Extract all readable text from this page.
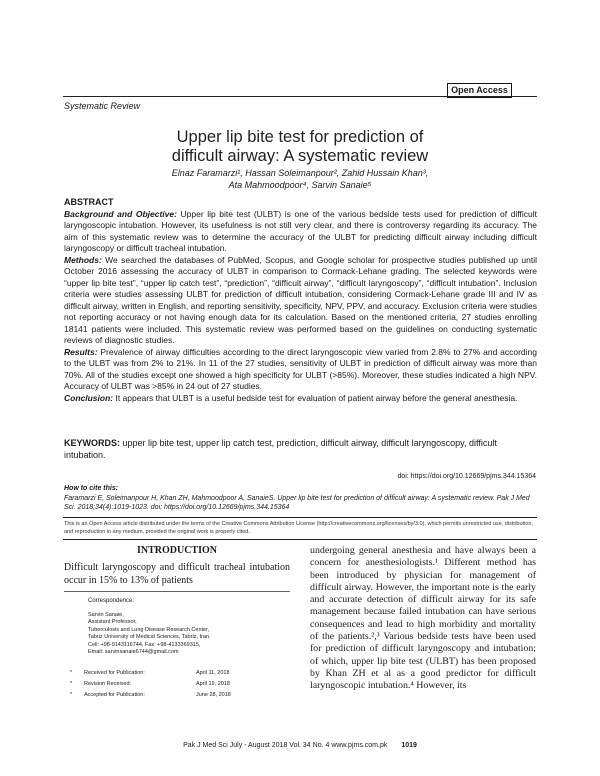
Open Access
Systematic Review
Upper lip bite test for prediction of
difficult airway: A systematic review
Elnaz Faramarzi¹, Hassan Soleimanpour², Zahid Hussain Khan³,
Ata Mahmoodpoor⁴, Sarvin Sanaie⁵
ABSTRACT
Background and Objective: Upper lip bite test (ULBT) is one of the various bedside tests used for prediction of difficult laryngoscopic intubation. However, its usefulness is not still very clear, and there is controversy regarding its accuracy. The aim of this systematic review was to determine the accuracy of the ULBT for predicting difficult airway including difficult laryngoscopy or difficult tracheal intubation.
Methods: We searched the databases of PubMed, Scopus, and Google scholar for prospective studies published up until October 2016 assessing the accuracy of ULBT in comparison to Cormack-Lehane grading. The selected keywords were “upper lip bite test”, “upper lip catch test”, “prediction”, “difficult airway”, “difficult laryngoscopy”, “difficult intubation”. Inclusion criteria were studies assessing ULBT for prediction of difficult intubation, considering Cormack-Lehane grade III and IV as difficult airway, written in English, and reporting sensitivity, specificity, NPV, PPV, and accuracy. Exclusion criteria were studies not reporting accuracy or not having enough data for its calculation. Based on the mentioned criteria, 27 studies enrolling 18141 patients were included. This systematic review was performed based on the guidelines on conducting systematic reviews of diagnostic studies.
Results: Prevalence of airway difficulties according to the direct laryngoscopic view varied from 2.8% to 27% and according to the ULBT was from 2% to 21%. In 11 of the 27 studies, sensitivity of ULBT in prediction of difficult airway was more than 70%. All of the studies except one showed a high specificity for ULBT (>85%). Moreover, these studies indicated a high NPV. Accuracy of ULBT was >85% in 24 out of 27 studies.
Conclusion: It appears that ULBT is a useful bedside test for evaluation of patient airway before the general anesthesia.
KEYWORDS: upper lip bite test, upper lip catch test, prediction, difficult airway, difficult laryngoscopy, difficult intubation.
doi: https://doi.org/10.12669/pjms.344.15364
How to cite this:
Faramarzi E, Soleimanpour H, Khan ZH, Mahmoodpoor A, SanaieS. Upper lip bite test for prediction of difficult airway: A systematic review. Pak J Med Sci. 2018;34(4):1019-1023. doi: https://doi.org/10.12669/pjms.344.15364
This is an Open Access article distributed under the terms of the Creative Commons Attribution License (http://creativecommons.org/licenses/by/3.0), which permits unrestricted use, distribution, and reproduction in any medium, provided the original work is properly cited.
INTRODUCTION
Difficult laryngoscopy and difficult tracheal intubation occur in 15% to 13% of patients
Correspondence:
Sarvin Sanaie,
Assistant Professor,
Tuberculosis and Lung Disease Research Center,
Tabriz University of Medical Sciences, Tabriz, Iran.
Cell: +98-9143116744, Fax: +98-4133369315,
Email: sarvinsanaie6744@gmail.com
* Received for Publication:	April 11, 2018
* Revision Received:	April 19, 2018
* Accepted for Publication:	June 28, 2018
undergoing general anesthesia and have always been a concern for anesthesiologists.¹ Different method has been introduced by physician for management of difficult airway. However, the important note is the early and accurate detection of difficult airway for its safe management because failed intubation can have serious consequences and lead to high morbidity and mortality of the patients.²,³ Various bedside tests have been used for prediction of difficult laryngoscopy and intubation; of which, upper lip bite test (ULBT) has been proposed by Khan ZH et al as a good predictor for difficult laryngoscopic intubation.⁴ However, its
Pak J Med Sci July - August 2018 Vol. 34 No. 4 www.pjms.com.pk 1019
